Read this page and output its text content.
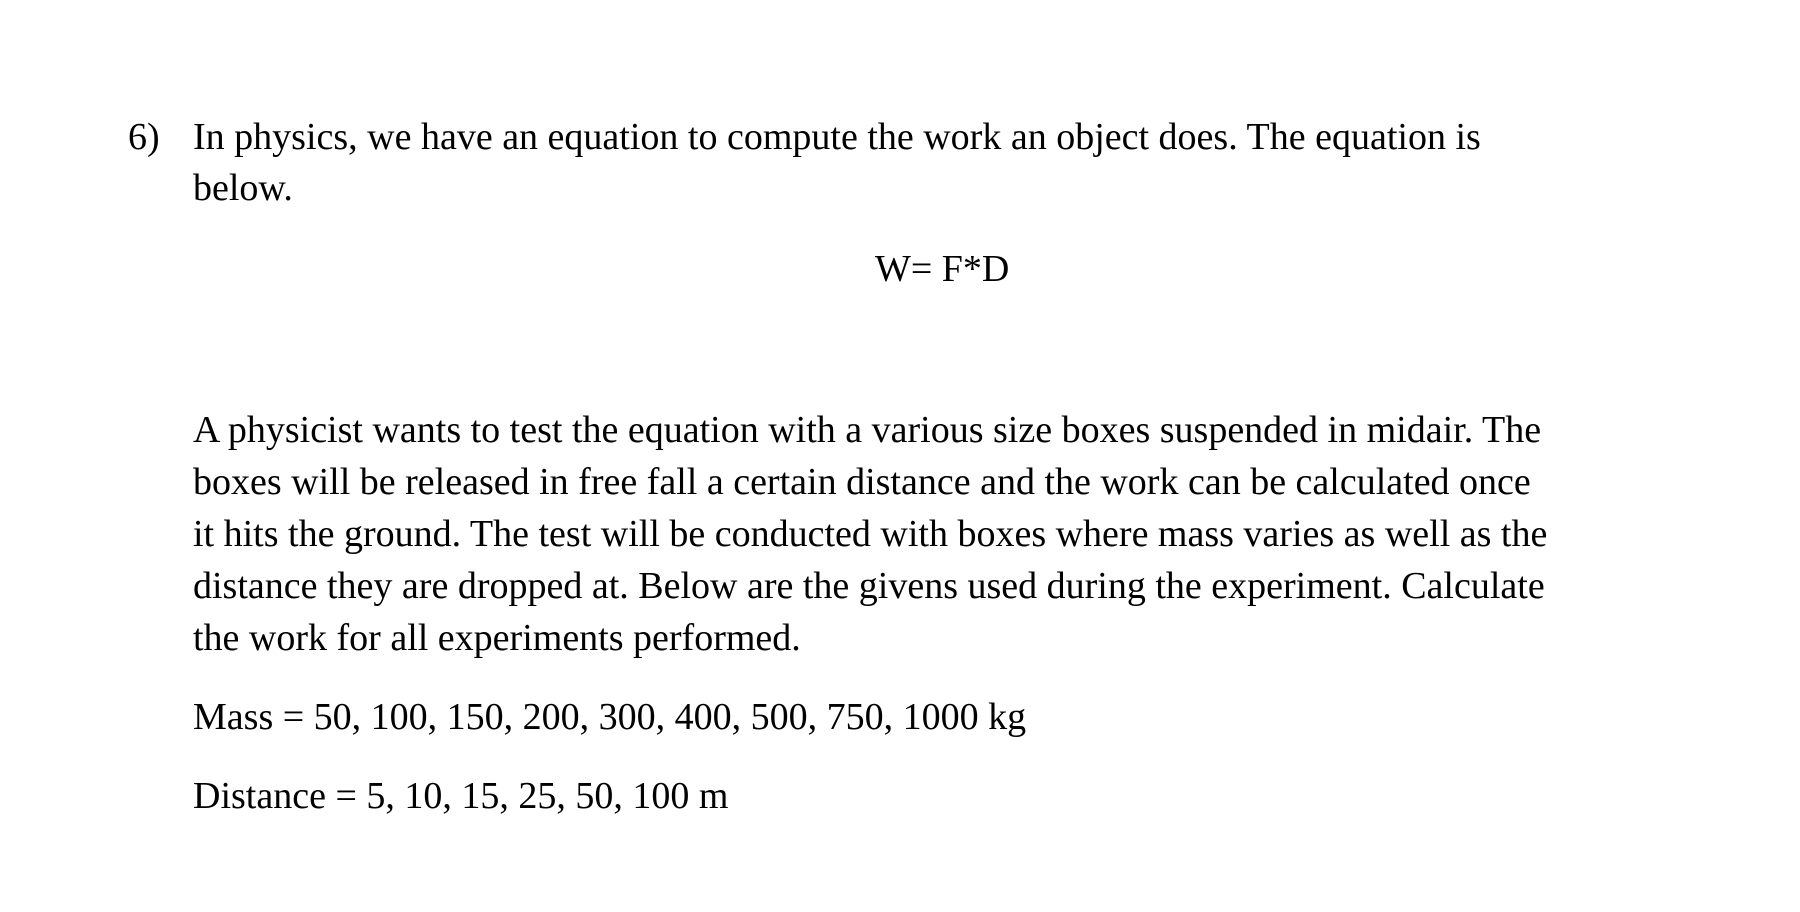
6) In physics, we have an equation to compute the work an object does. The equation is
below.
W= F*D
A physicist wants to test the equation with a various size boxes suspended in midair. The
boxes will be released in free fall a certain distance and the work can be calculated once
it hits the ground. The test will be conducted with boxes where mass varies as well as the
distance they are dropped at. Below are the givens used during the experiment. Calculate
the work for all experiments performed.
Mass = 50, 100, 150, 200, 300, 400, 500, 750, 1000 kg
Distance = 5, 10, 15, 25, 50, 100 m
